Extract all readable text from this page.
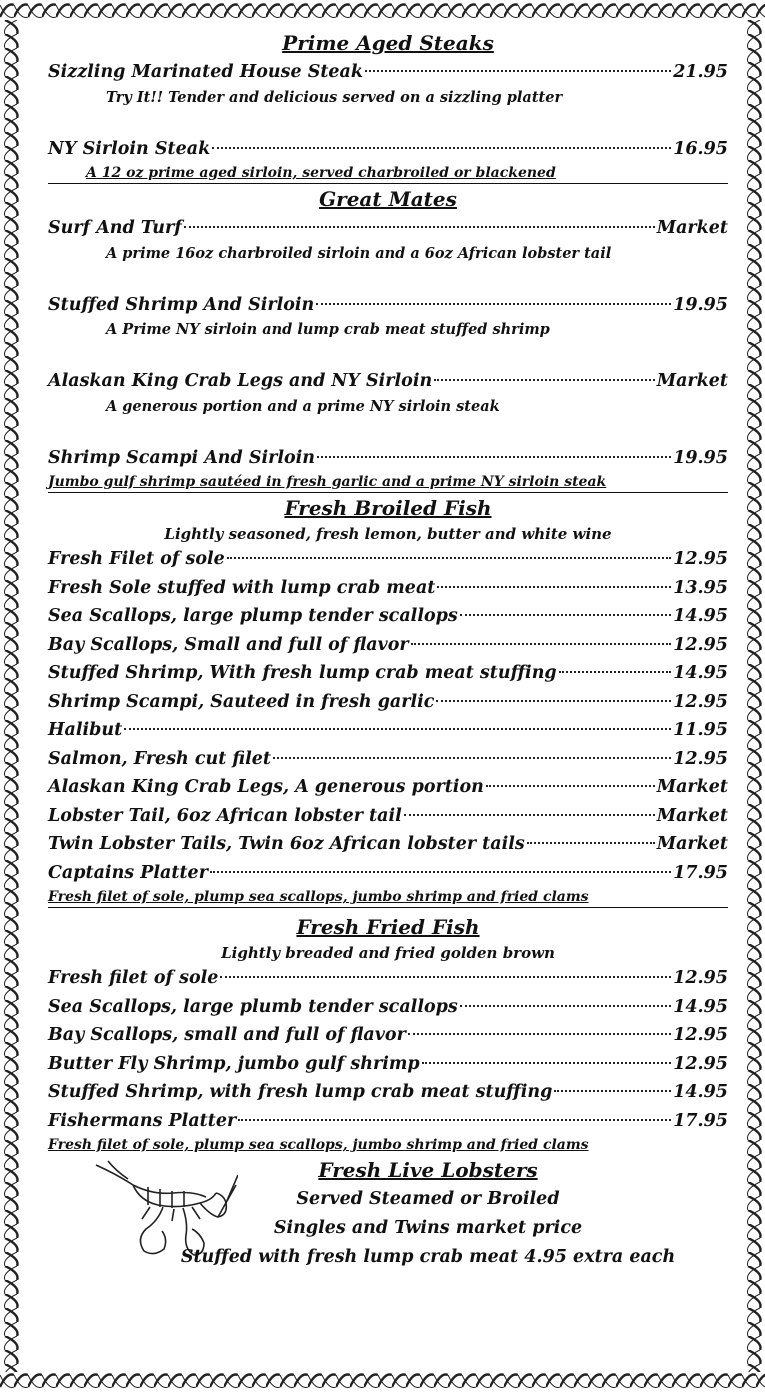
Prime Aged Steaks
Sizzling Marinated House Steak	21.95
Try It!! Tender and delicious served on a sizzling platter
NY Sirloin Steak	16.95
A 12 oz prime aged sirloin, served charbroiled or blackened
Great Mates
Surf And Turf	Market
A prime 16oz charbroiled sirloin and a 6oz African lobster tail
Stuffed Shrimp And Sirloin	19.95
A Prime NY sirloin and lump crab meat stuffed shrimp
Alaskan King Crab Legs and NY Sirloin	Market
A generous portion and a prime NY sirloin steak
Shrimp Scampi And Sirloin	19.95
Jumbo gulf shrimp sautéed in fresh garlic and a prime NY sirloin steak
Fresh Broiled Fish
Lightly seasoned, fresh lemon, butter and white wine
Fresh Filet of sole	12.95
Fresh Sole stuffed with lump crab meat	13.95
Sea Scallops, large plump tender scallops	14.95
Bay Scallops, Small and full of flavor	12.95
Stuffed Shrimp, With fresh lump crab meat stuffing	14.95
Shrimp Scampi, Sauteed in fresh garlic	12.95
Halibut	11.95
Salmon, Fresh cut filet	12.95
Alaskan King Crab Legs, A generous portion	Market
Lobster Tail, 6oz African lobster tail	Market
Twin Lobster Tails, Twin 6oz African lobster tails	Market
Captains Platter	17.95
Fresh filet of sole, plump sea scallops, jumbo shrimp and fried clams
Fresh Fried Fish
Lightly breaded and fried golden brown
Fresh filet of sole	12.95
Sea Scallops, large plumb tender scallops	14.95
Bay Scallops, small and full of flavor	12.95
Butter Fly Shrimp, jumbo gulf shrimp	12.95
Stuffed Shrimp, with fresh lump crab meat stuffing	14.95
Fishermans Platter	17.95
Fresh filet of sole, plump sea scallops, jumbo shrimp and fried clams
Fresh Live Lobsters
Served Steamed or Broiled
Singles and Twins market price
Stuffed with fresh lump crab meat 4.95 extra each
